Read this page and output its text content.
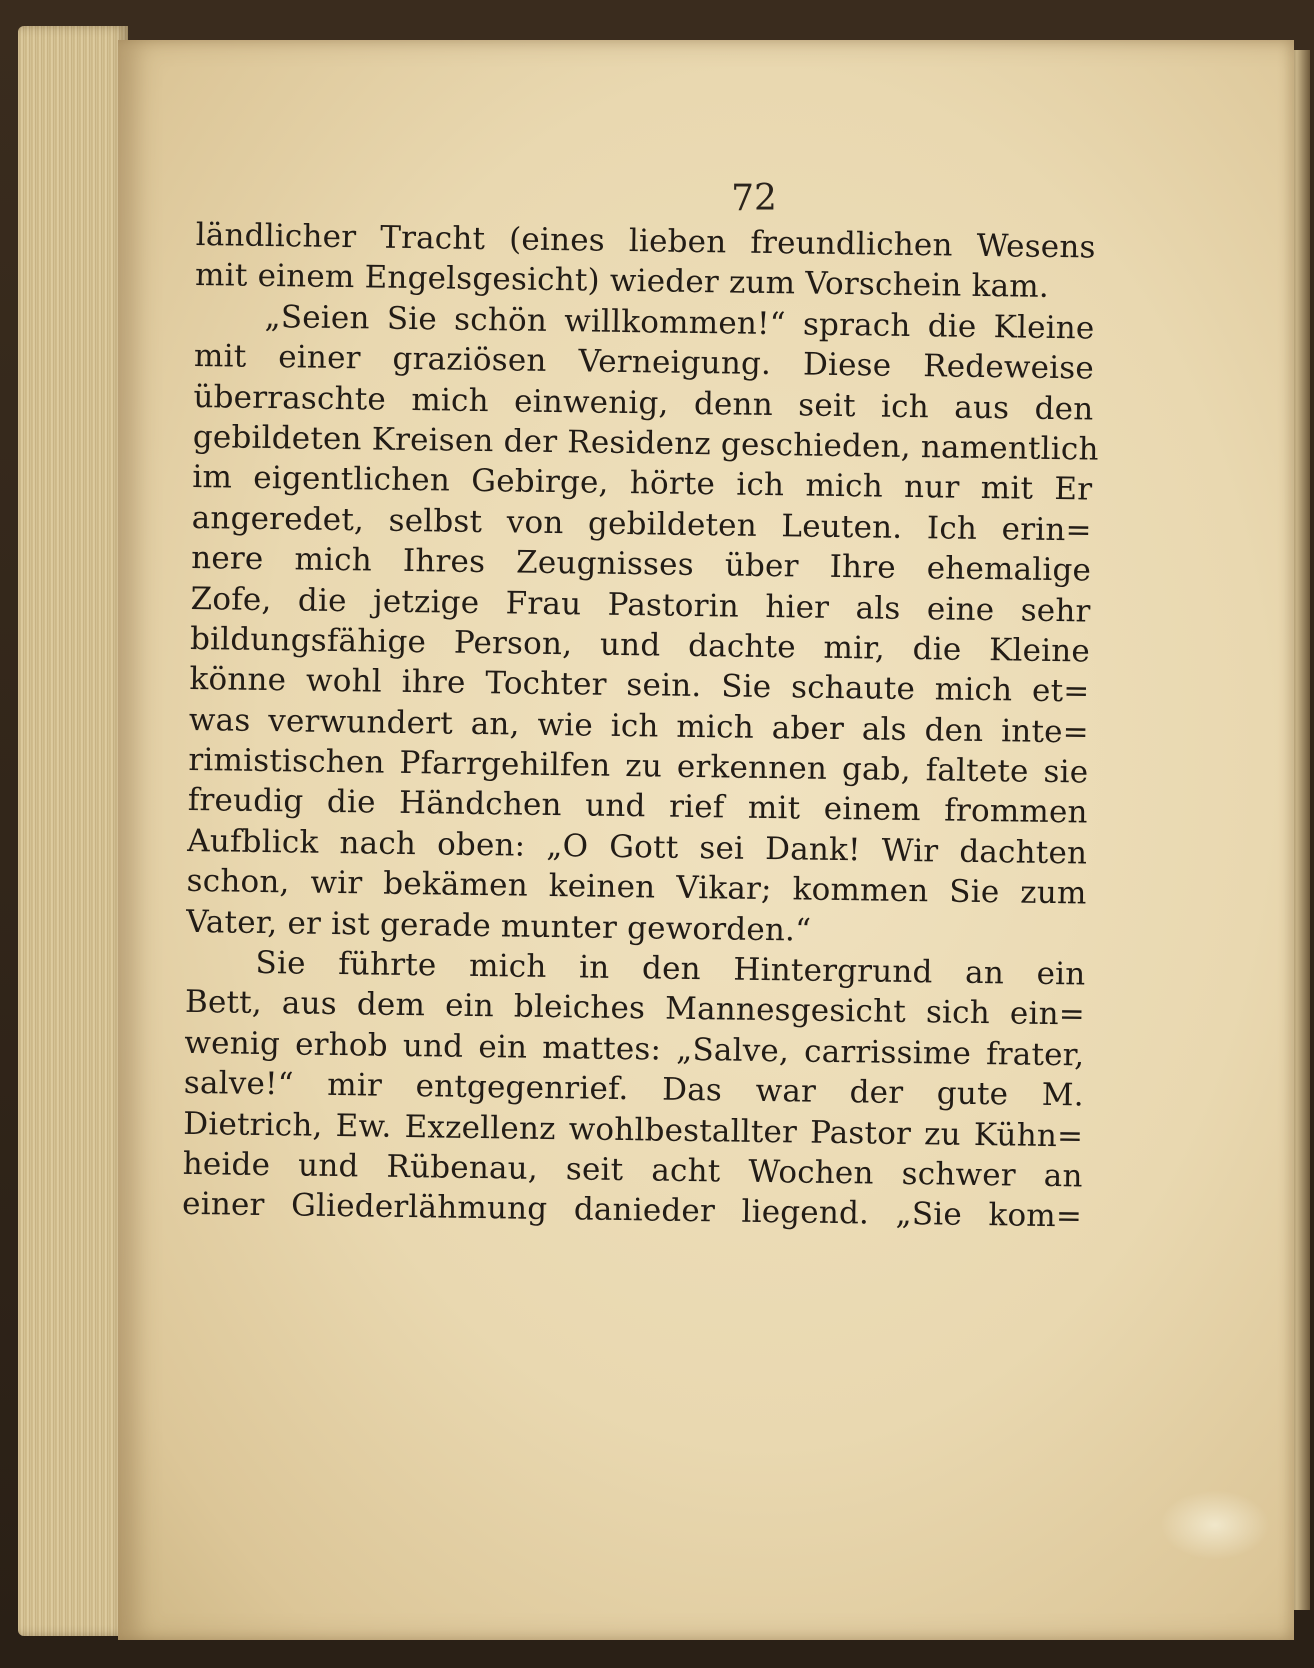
72
ländlicher Tracht (eines lieben freundlichen Wesens
mit einem Engelsgesicht) wieder zum Vorschein kam.
„Seien Sie schön willkommen!“ sprach die Kleine
mit einer graziösen Verneigung. Diese Redeweise
überraschte mich einwenig, denn seit ich aus den
gebildeten Kreisen der Residenz geschieden, namentlich
im eigentlichen Gebirge, hörte ich mich nur mit Er
angeredet, selbst von gebildeten Leuten. Ich erin=
nere mich Ihres Zeugnisses über Ihre ehemalige
Zofe, die jetzige Frau Pastorin hier als eine sehr
bildungsfähige Person, und dachte mir, die Kleine
könne wohl ihre Tochter sein. Sie schaute mich et=
was verwundert an, wie ich mich aber als den inte=
rimistischen Pfarrgehilfen zu erkennen gab, faltete sie
freudig die Händchen und rief mit einem frommen
Aufblick nach oben: „O Gott sei Dank! Wir dachten
schon, wir bekämen keinen Vikar; kommen Sie zum
Vater, er ist gerade munter geworden.“
Sie führte mich in den Hintergrund an ein
Bett, aus dem ein bleiches Mannesgesicht sich ein=
wenig erhob und ein mattes: „Salve, carrissime frater,
salve!“ mir entgegenrief. Das war der gute M.
Dietrich, Ew. Exzellenz wohlbestallter Pastor zu Kühn=
heide und Rübenau, seit acht Wochen schwer an
einer Gliederlähmung danieder liegend. „Sie kom=
